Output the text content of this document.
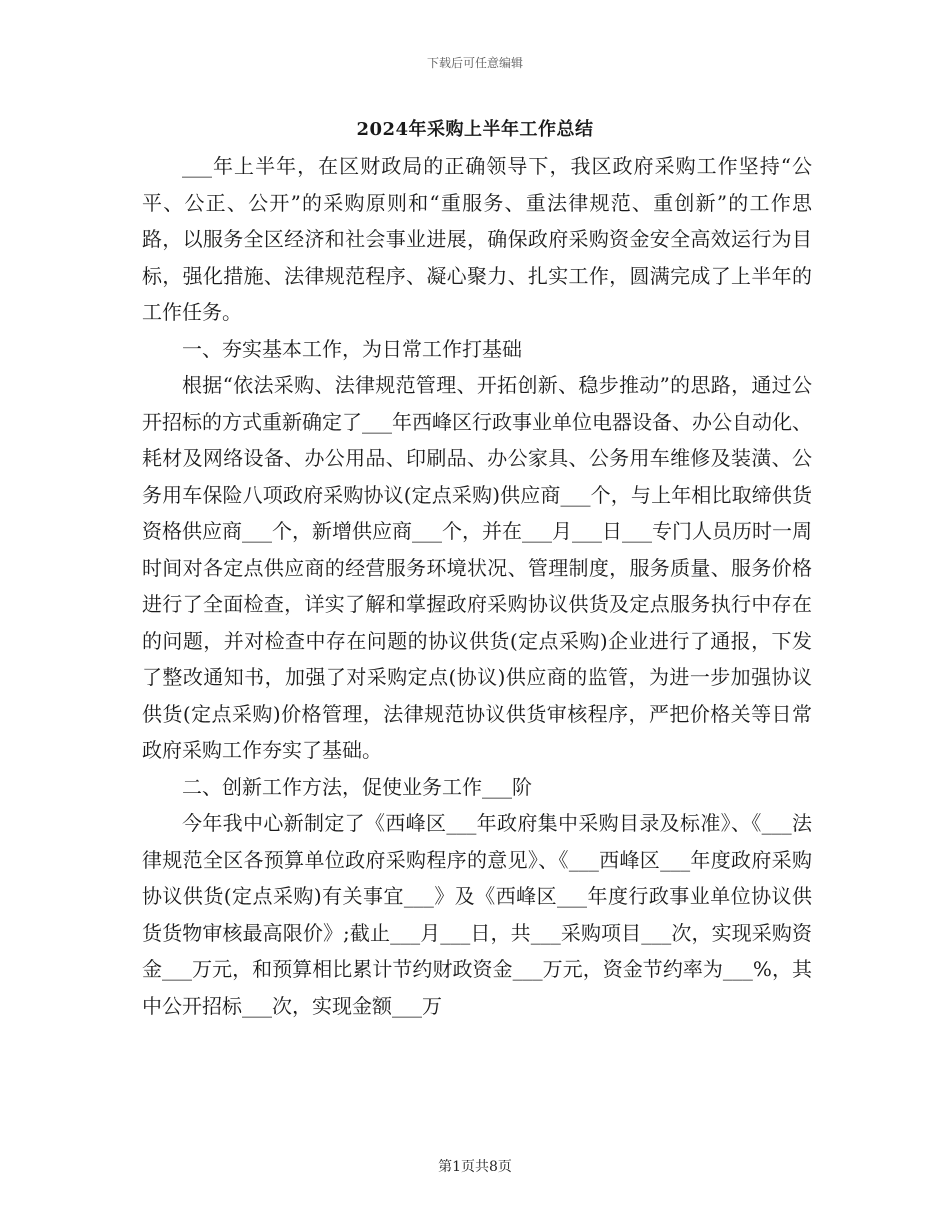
下载后可任意编辑
2024年采购上半年工作总结

___年上半年，在区财政局的正确领导下，我区政府采购工作坚持“公平、公正、公开”的采购原则和“重服务、重法律规范、重创新”的工作思路，以服务全区经济和社会事业进展，确保政府采购资金安全高效运行为目标，强化措施、法律规范程序、凝心聚力、扎实工作，圆满完成了上半年的工作任务。

一、夯实基本工作，为日常工作打基础

根据“依法采购、法律规范管理、开拓创新、稳步推动”的思路，通过公开招标的方式重新确定了___年西峰区行政事业单位电器设备、办公自动化、耗材及网络设备、办公用品、印刷品、办公家具、公务用车维修及装潢、公务用车保险八项政府采购协议(定点采购)供应商___个，与上年相比取缔供货资格供应商___个，新增供应商___个，并在___月___日___专门人员历时一周时间对各定点供应商的经营服务环境状况、管理制度，服务质量、服务价格进行了全面检查，详实了解和掌握政府采购协议供货及定点服务执行中存在的问题，并对检查中存在问题的协议供货(定点采购)企业进行了通报，下发了整改通知书，加强了对采购定点(协议)供应商的监管，为进一步加强协议供货(定点采购)价格管理，法律规范协议供货审核程序，严把价格关等日常政府采购工作夯实了基础。

二、创新工作方法，促使业务工作___阶

今年我中心新制定了《西峰区___年政府集中采购目录及标准》、《___法律规范全区各预算单位政府采购程序的意见》、《___西峰区___年度政府采购协议供货(定点采购)有关事宜___》及《西峰区___年度行政事业单位协议供货货物审核最高限价》;截止___月___日，共___采购项目___次，实现采购资金___万元，和预算相比累计节约财政资金___万元，资金节约率为___%，其中公开招标___次，实现金额___万

第1页共8页
